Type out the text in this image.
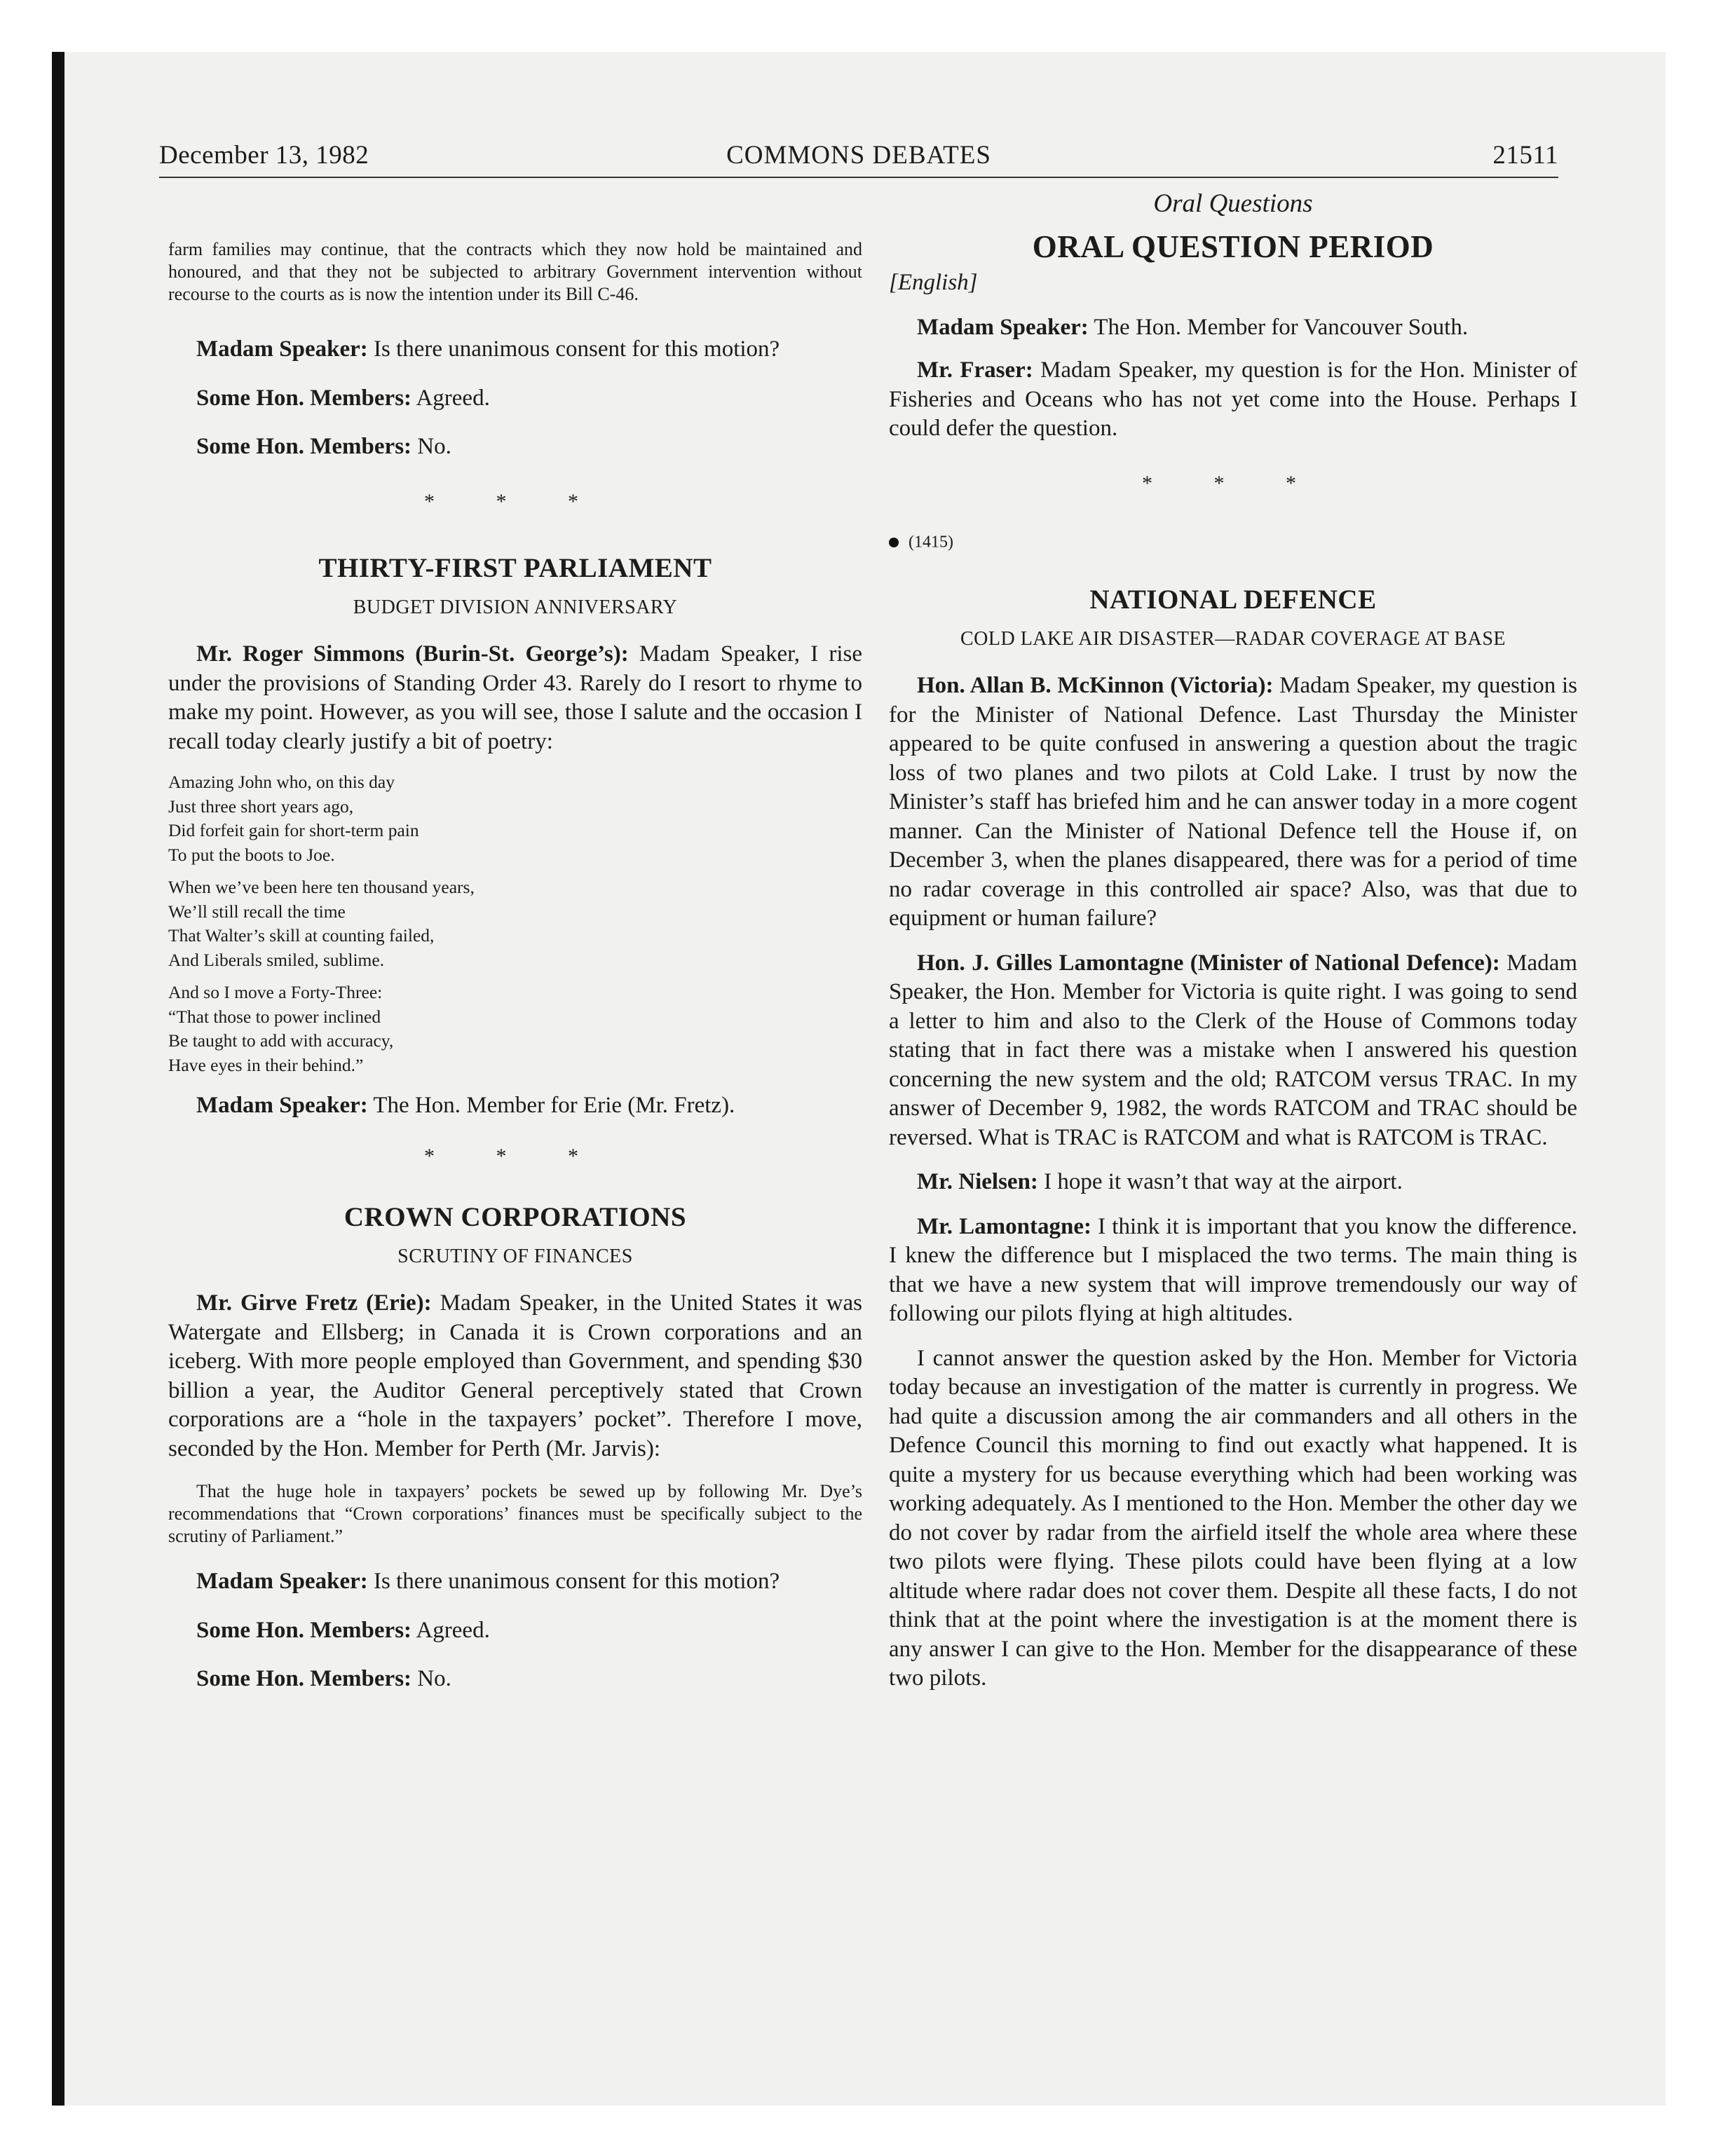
December 13, 1982	COMMONS DEBATES	21511

farm families may continue, that the contracts which they now hold be maintained and honoured, and that they not be subjected to arbitrary Government intervention without recourse to the courts as is now the intention under its Bill C-46.

Madam Speaker: Is there unanimous consent for this motion?

Some Hon. Members: Agreed.

Some Hon. Members: No.

* * *
THIRTY-FIRST PARLIAMENT
BUDGET DIVISION ANNIVERSARY

Mr. Roger Simmons (Burin-St. George’s): Madam Speaker, I rise under the provisions of Standing Order 43. Rarely do I resort to rhyme to make my point. However, as you will see, those I salute and the occasion I recall today clearly justify a bit of poetry:

Amazing John who, on this day

Just three short years ago,

Did forfeit gain for short-term pain

To put the boots to Joe.

When we’ve been here ten thousand years,

We’ll still recall the time

That Walter’s skill at counting failed,

And Liberals smiled, sublime.

And so I move a Forty-Three:

“That those to power inclined

Be taught to add with accuracy,

Have eyes in their behind.”

Madam Speaker: The Hon. Member for Erie (Mr. Fretz).

* * *
CROWN CORPORATIONS
SCRUTINY OF FINANCES

Mr. Girve Fretz (Erie): Madam Speaker, in the United States it was Watergate and Ellsberg; in Canada it is Crown corporations and an iceberg. With more people employed than Government, and spending $30 billion a year, the Auditor General perceptively stated that Crown corporations are a “hole in the taxpayers’ pocket”. Therefore I move, seconded by the Hon. Member for Perth (Mr. Jarvis):

That the huge hole in taxpayers’ pockets be sewed up by following Mr. Dye’s recommendations that “Crown corporations’ finances must be specifically subject to the scrutiny of Parliament.”

Madam Speaker: Is there unanimous consent for this motion?

Some Hon. Members: Agreed.

Some Hon. Members: No.

Oral Questions
ORAL QUESTION PERIOD

[English]

Madam Speaker: The Hon. Member for Vancouver South.

Mr. Fraser: Madam Speaker, my question is for the Hon. Minister of Fisheries and Oceans who has not yet come into the House. Perhaps I could defer the question.

* * *

(1415)

NATIONAL DEFENCE
COLD LAKE AIR DISASTER—RADAR COVERAGE AT BASE

Hon. Allan B. McKinnon (Victoria): Madam Speaker, my question is for the Minister of National Defence. Last Thursday the Minister appeared to be quite confused in answering a question about the tragic loss of two planes and two pilots at Cold Lake. I trust by now the Minister’s staff has briefed him and he can answer today in a more cogent manner. Can the Minister of National Defence tell the House if, on December 3, when the planes disappeared, there was for a period of time no radar coverage in this controlled air space? Also, was that due to equipment or human failure?

Hon. J. Gilles Lamontagne (Minister of National Defence): Madam Speaker, the Hon. Member for Victoria is quite right. I was going to send a letter to him and also to the Clerk of the House of Commons today stating that in fact there was a mistake when I answered his question concerning the new system and the old; RATCOM versus TRAC. In my answer of December 9, 1982, the words RATCOM and TRAC should be reversed. What is TRAC is RATCOM and what is RATCOM is TRAC.

Mr. Nielsen: I hope it wasn’t that way at the airport.

Mr. Lamontagne: I think it is important that you know the difference. I knew the difference but I misplaced the two terms. The main thing is that we have a new system that will improve tremendously our way of following our pilots flying at high altitudes.

I cannot answer the question asked by the Hon. Member for Victoria today because an investigation of the matter is currently in progress. We had quite a discussion among the air commanders and all others in the Defence Council this morning to find out exactly what happened. It is quite a mystery for us because everything which had been working was working adequately. As I mentioned to the Hon. Member the other day we do not cover by radar from the airfield itself the whole area where these two pilots were flying. These pilots could have been flying at a low altitude where radar does not cover them. Despite all these facts, I do not think that at the point where the investigation is at the moment there is any answer I can give to the Hon. Member for the disappearance of these two pilots.
